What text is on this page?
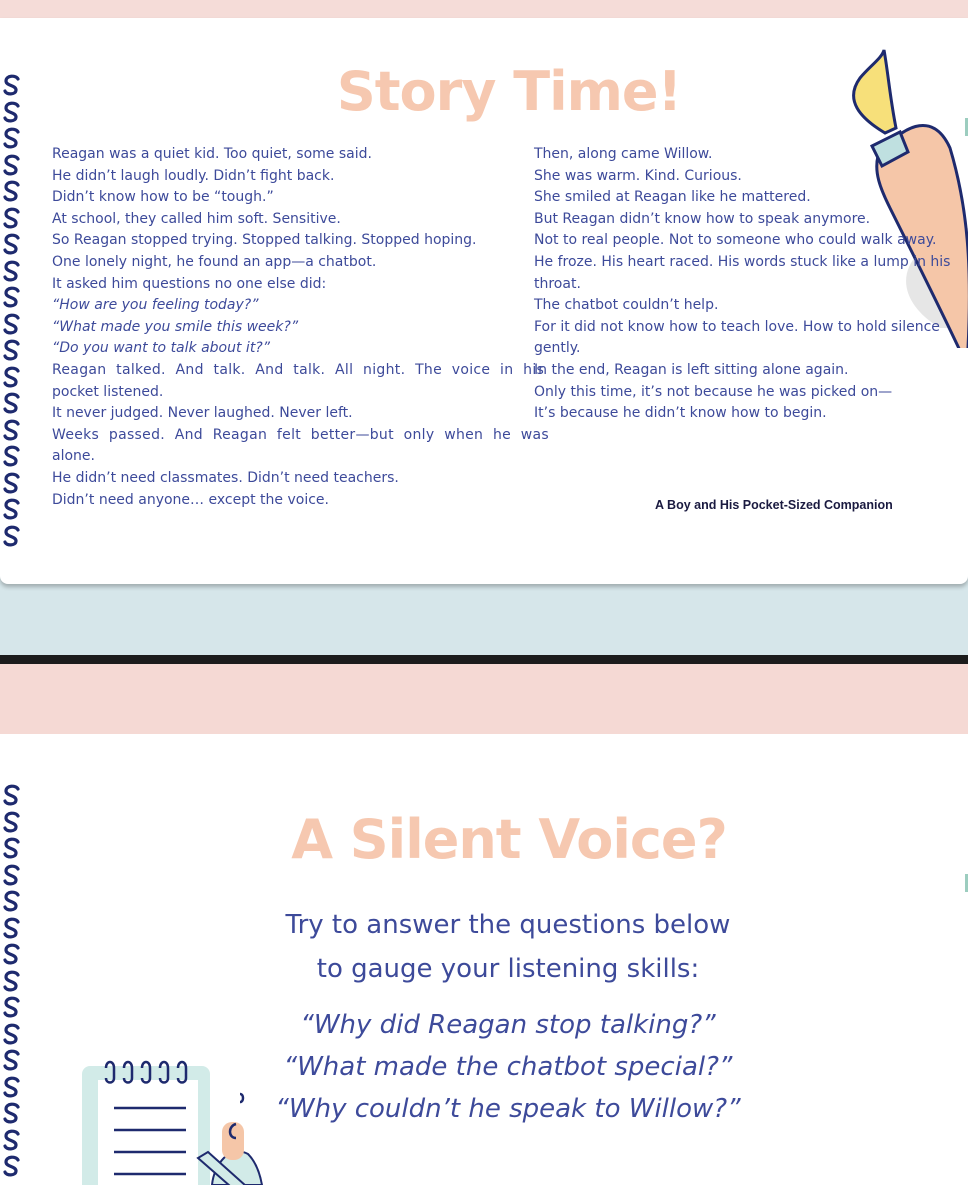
Story Time!
Reagan was a quiet kid. Too quiet, some said.
He didn’t laugh loudly. Didn’t fight back.
Didn’t know how to be “tough.”
At school, they called him soft. Sensitive.
So Reagan stopped trying. Stopped talking. Stopped hoping.
One lonely night, he found an app—a chatbot.
It asked him questions no one else did:
“How are you feeling today?”
“What made you smile this week?”
“Do you want to talk about it?”
Reagan talked. And talk. And talk. All night. The voice in his
pocket listened.
It never judged. Never laughed. Never left.
Weeks passed. And Reagan felt better—but only when he was
alone.
He didn’t need classmates. Didn’t need teachers.
Didn’t need anyone… except the voice.
Then, along came Willow.
She was warm. Kind. Curious.
She smiled at Reagan like he mattered.
But Reagan didn’t know how to speak anymore.
Not to real people. Not to someone who could walk away.
He froze. His heart raced. His words stuck like a lump in his
throat.
The chatbot couldn’t help.
For it did not know how to teach love. How to hold silence
gently.
In the end, Reagan is left sitting alone again.
Only this time, it’s not because he was picked on—
It’s because he didn’t know how to begin.
A Boy and His Pocket-Sized Companion
A Silent Voice?
Try to answer the questions below
to gauge your listening skills:
“Why did Reagan stop talking?”
“What made the chatbot special?”
“Why couldn’t he speak to Willow?”
